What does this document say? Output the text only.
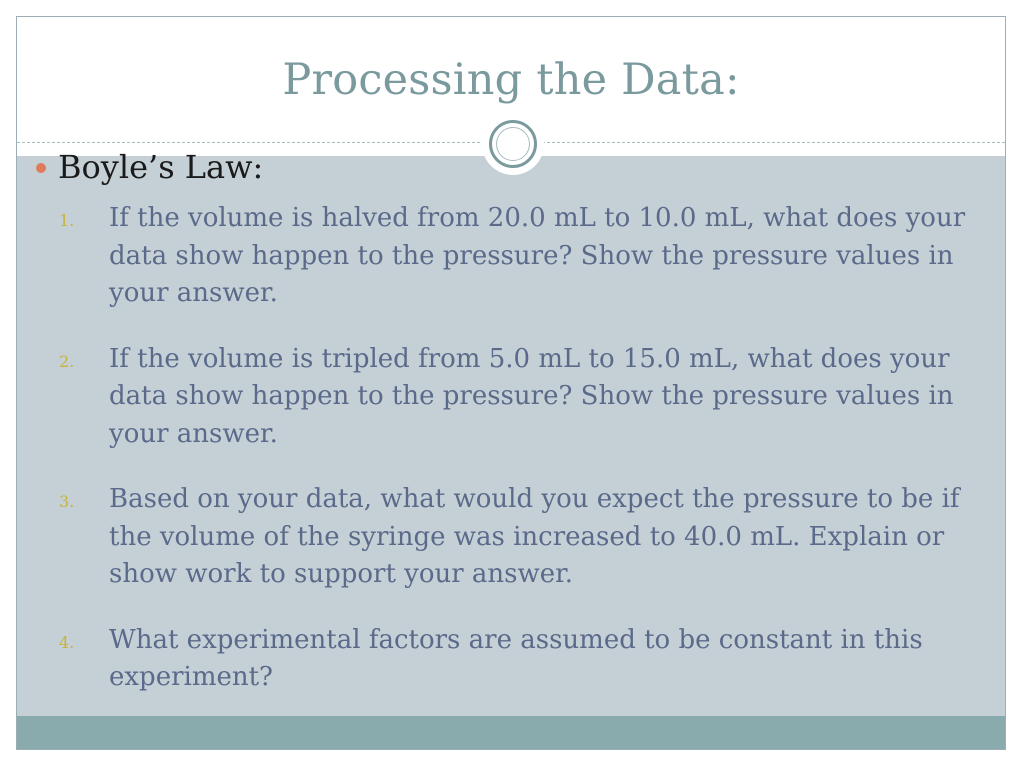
Processing the Data:
Boyle’s Law:
1. If the volume is halved from 20.0 mL to 10.0 mL, what does your data show happen to the pressure? Show the pressure values in your answer.
2. If the volume is tripled from 5.0 mL to 15.0 mL, what does your data show happen to the pressure? Show the pressure values in your answer.
3. Based on your data, what would you expect the pressure to be if the volume of the syringe was increased to 40.0 mL. Explain or show work to support your answer.
4. What experimental factors are assumed to be constant in this experiment?
